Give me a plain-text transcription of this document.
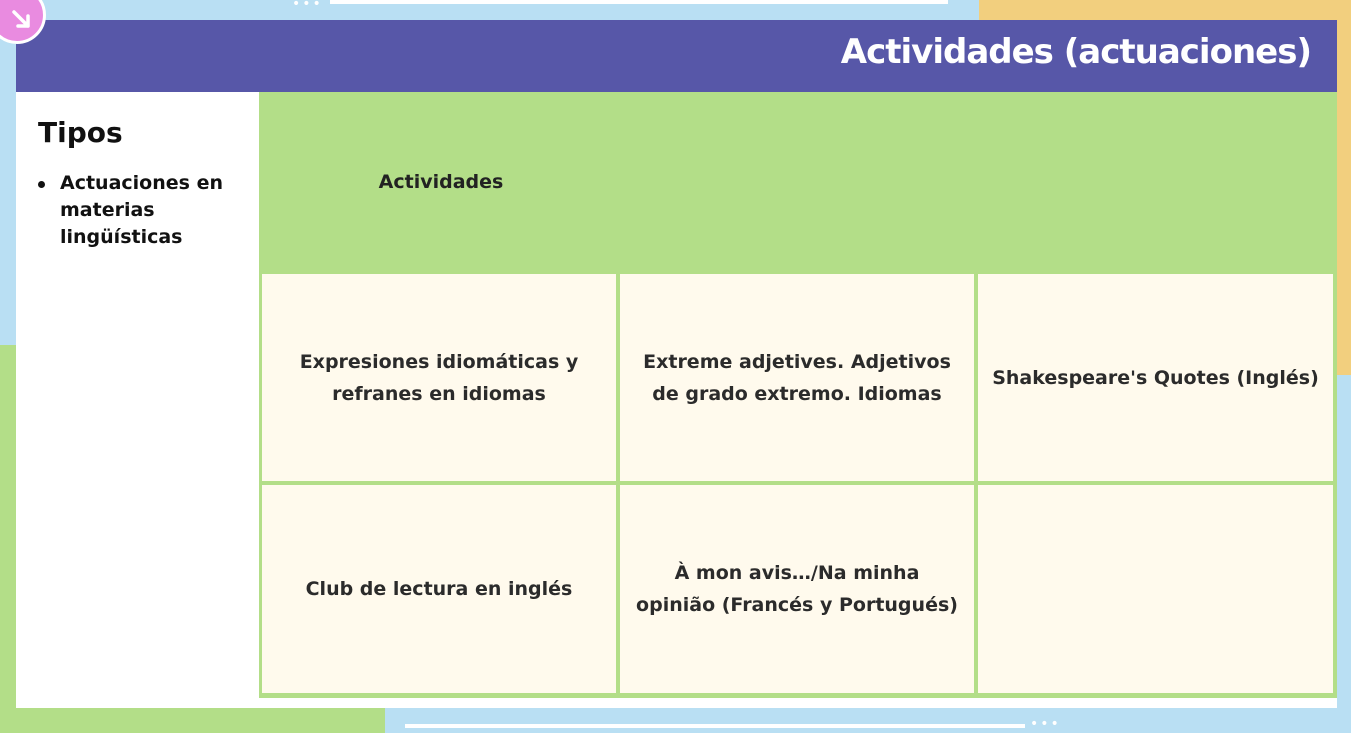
•••
•••
Actividades (actuaciones)
Tipos
Actuaciones en materias lingüísticas
Actividades
Expresiones idiomáticas y refranes en idiomas
Extreme adjetives. Adjetivos de grado extremo. Idiomas
Shakespeare's Quotes (Inglés)
Club de lectura en inglés
À mon avis…/Na minha opinião (Francés y Portugués)
